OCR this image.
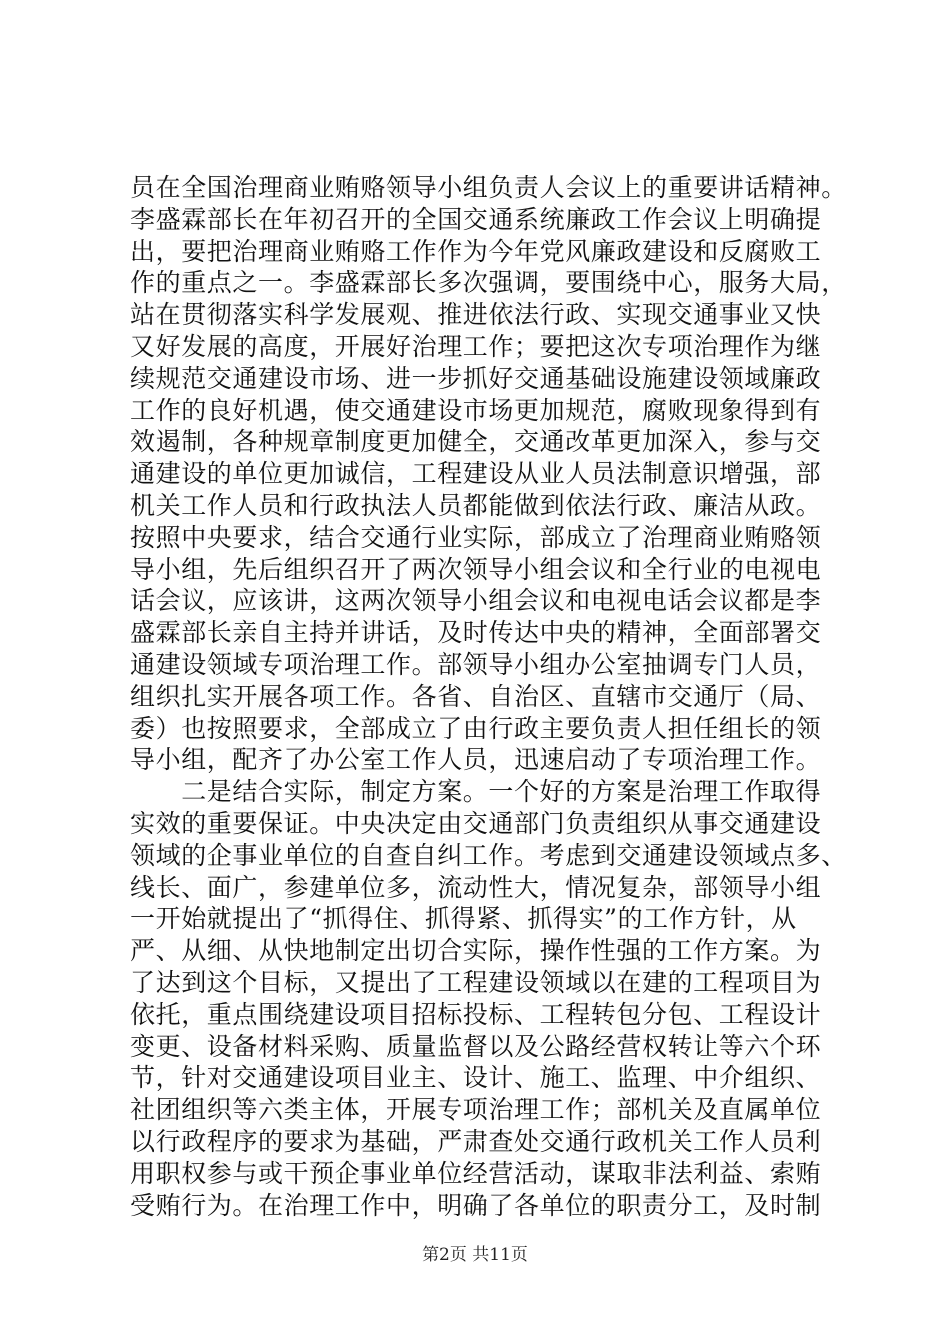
员在全国治理商业贿赂领导小组负责人会议上的重要讲话精神。
李盛霖部长在年初召开的全国交通系统廉政工作会议上明确提
出，要把治理商业贿赂工作作为今年党风廉政建设和反腐败工
作的重点之一。李盛霖部长多次强调，要围绕中心，服务大局，
站在贯彻落实科学发展观、推进依法行政、实现交通事业又快
又好发展的高度，开展好治理工作；要把这次专项治理作为继
续规范交通建设市场、进一步抓好交通基础设施建设领域廉政
工作的良好机遇，使交通建设市场更加规范，腐败现象得到有
效遏制，各种规章制度更加健全，交通改革更加深入，参与交
通建设的单位更加诚信，工程建设从业人员法制意识增强，部
机关工作人员和行政执法人员都能做到依法行政、廉洁从政。
按照中央要求，结合交通行业实际，部成立了治理商业贿赂领
导小组，先后组织召开了两次领导小组会议和全行业的电视电
话会议，应该讲，这两次领导小组会议和电视电话会议都是李
盛霖部长亲自主持并讲话，及时传达中央的精神，全面部署交
通建设领域专项治理工作。部领导小组办公室抽调专门人员，
组织扎实开展各项工作。各省、自治区、直辖市交通厅（局、
委）也按照要求，全部成立了由行政主要负责人担任组长的领
导小组，配齐了办公室工作人员，迅速启动了专项治理工作。
　　二是结合实际，制定方案。一个好的方案是治理工作取得
实效的重要保证。中央决定由交通部门负责组织从事交通建设
领域的企事业单位的自查自纠工作。考虑到交通建设领域点多、
线长、面广，参建单位多，流动性大，情况复杂，部领导小组
一开始就提出了“抓得住、抓得紧、抓得实”的工作方针，从
严、从细、从快地制定出切合实际，操作性强的工作方案。为
了达到这个目标，又提出了工程建设领域以在建的工程项目为
依托，重点围绕建设项目招标投标、工程转包分包、工程设计
变更、设备材料采购、质量监督以及公路经营权转让等六个环
节，针对交通建设项目业主、设计、施工、监理、中介组织、
社团组织等六类主体，开展专项治理工作；部机关及直属单位
以行政程序的要求为基础，严肃查处交通行政机关工作人员利
用职权参与或干预企事业单位经营活动，谋取非法利益、索贿
受贿行为。在治理工作中，明确了各单位的职责分工，及时制
第2页 共11页
